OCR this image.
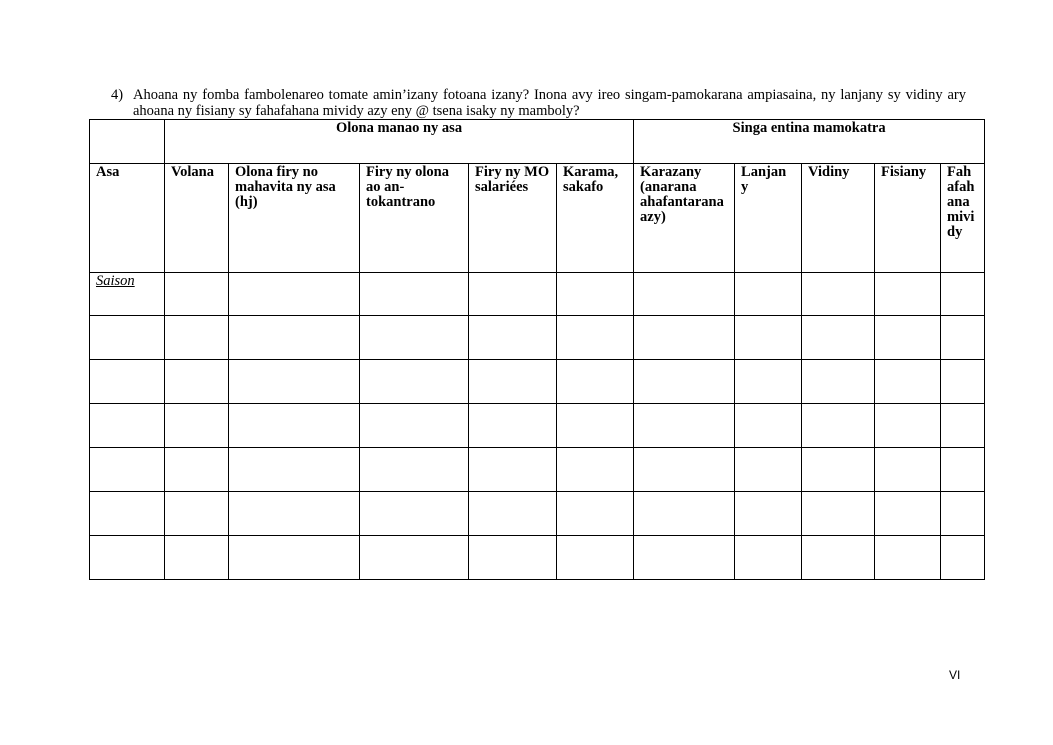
4) Ahoana ny fomba fambolenareo tomate amin’izany fotoana izany? Inona avy ireo singam-pamokarana ampiasaina, ny lanjany sy vidiny ary ahoana ny fisiany sy fahafahana mividy azy eny @ tsena isaky ny mamboly?
	Olona manao ny asa					Singa entina mamokatra				
Asa	Volana	Olona firy no mahavita ny asa (hj)	Firy ny olona ao an-tokantrano	Firy ny MO salariées	Karama, sakafo	Karazany (anarana ahafantarana azy)	Lanjan y	Vidiny	Fisiany	Fah afah ana mivi dy
Saison										

VI
